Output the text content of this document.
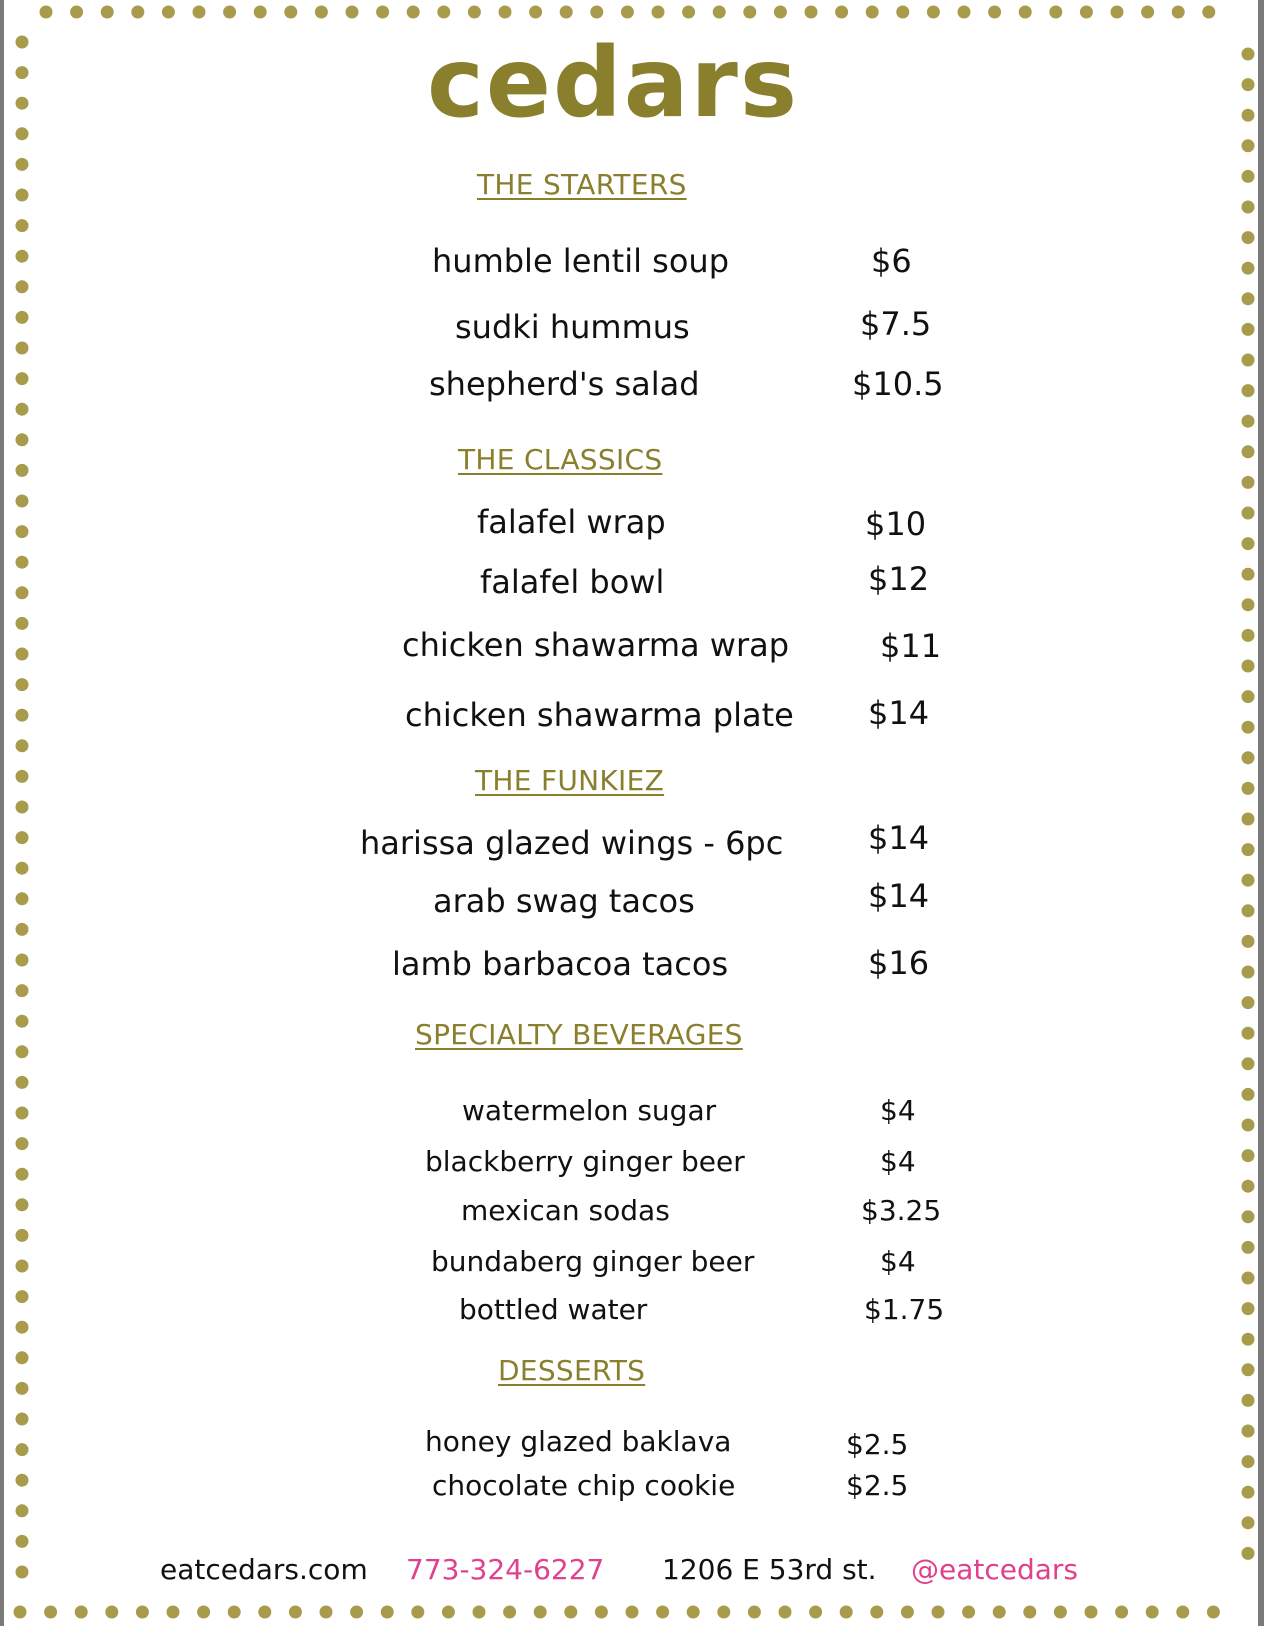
cedars
THE STARTERS
humble lentil soup	$6
sudki hummus	$7.5
shepherd's salad	$10.5
THE CLASSICS
falafel wrap	$10
falafel bowl	$12
chicken shawarma wrap	$11
chicken shawarma plate $14
THE FUNKIEZ
harissa glazed wings - 6pc	$14
arab swag tacos	$14
lamb barbacoa tacos	$16
SPECIALTY BEVERAGES
watermelon sugar	$4
blackberry ginger beer	$4
mexican sodas	$3.25
bundaberg ginger beer	$4
bottled water	$1.75
DESSERTS
honey glazed baklava	$2.5
chocolate chip cookie	$2.5
eatcedars.com 773-324-6227 1206 E 53rd st. @eatcedars
